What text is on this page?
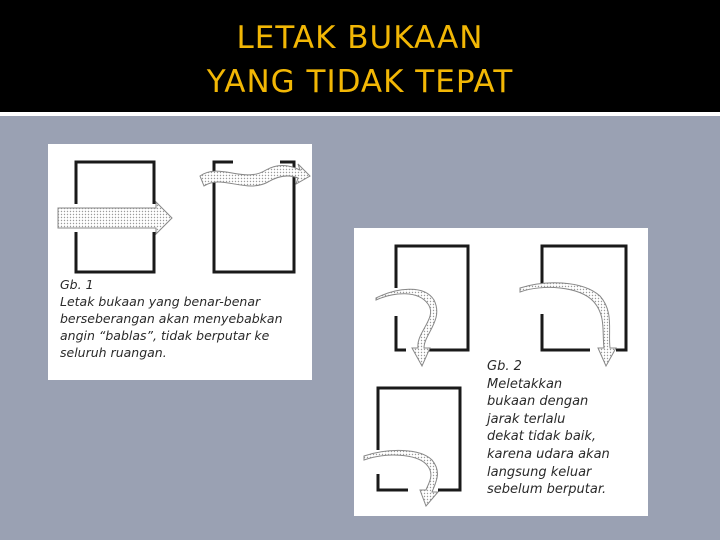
LETAK BUKAAN
YANG TIDAK TEPAT
Gb. 1
Letak bukaan yang benar-benar
berseberangan akan menyebabkan
angin “bablas”, tidak berputar ke
seluruh ruangan.
Gb. 2
Meletakkan
bukaan dengan
jarak terlalu
dekat tidak baik,
karena udara akan
langsung keluar
sebelum berputar.
